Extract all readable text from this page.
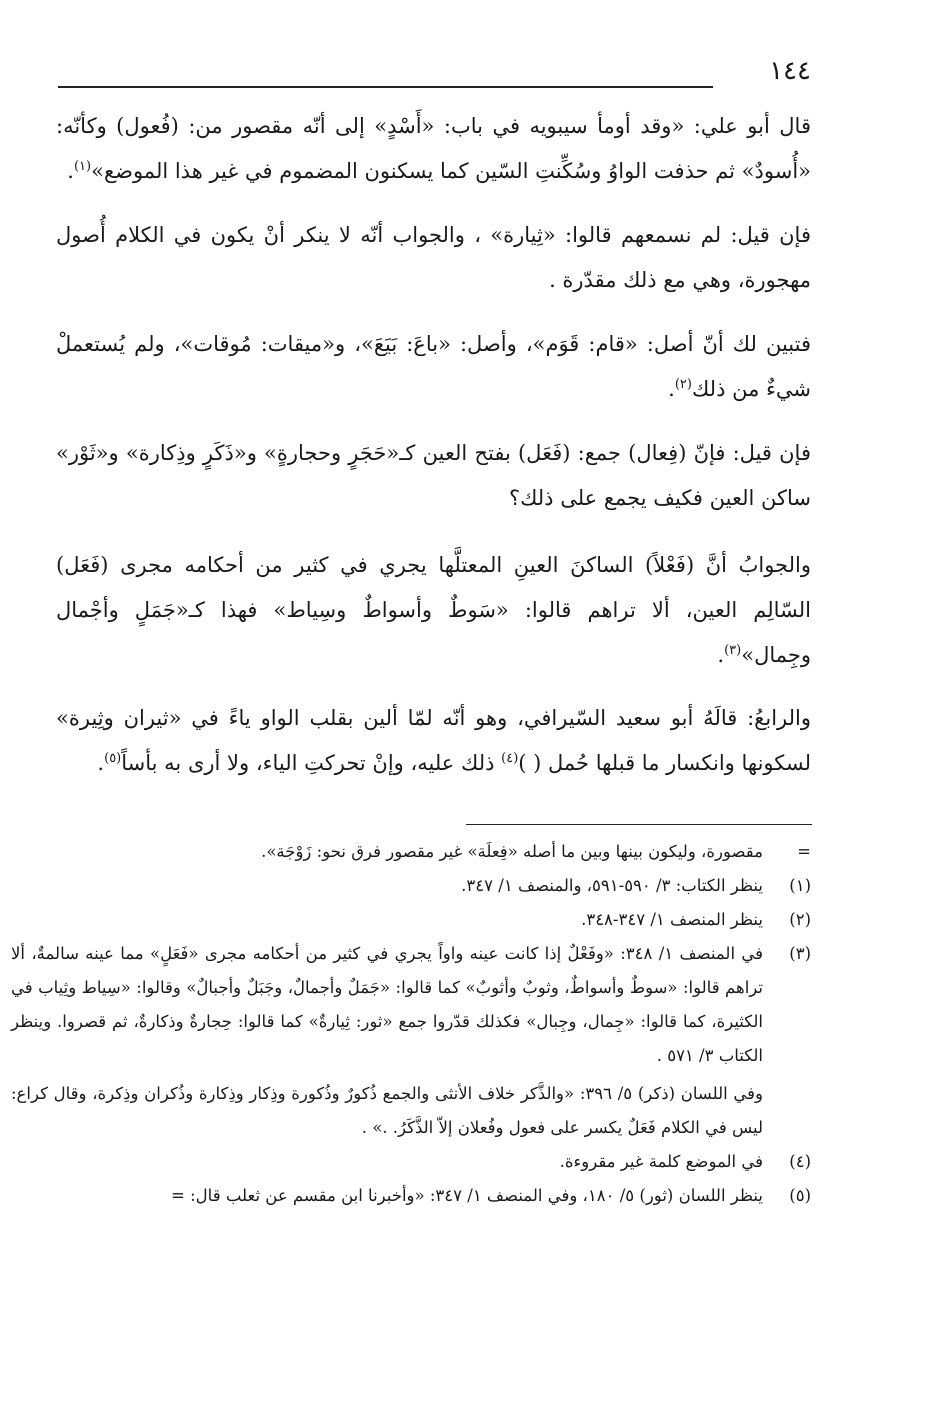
١٤٤

قال أبو علي: «وقد أومأ سيبويه في باب: «أَسْدٍ» إلى أنّه مقصور من: (فُعول) وكأنّه: «أُسودٌ» ثم حذفت الواوُ وسُكِّنتِ السّين كما يسكنون المضموم في غير هذا الموضع»$^{(١)}$.

فإن قيل: لم نسمعهم قالوا: «ثِيارة» ، والجواب أنّه لا ينكر أنْ يكون في الكلام أُصول مهجورة، وهي مع ذلك مقدّرة .

فتبين لك أنّ أصل: «قام: قَوَم»، وأصل: «باعَ: بَيَعَ»، و«ميقات: مُوقات»، ولم يُستعملْ شيءٌ من ذلك$^{(٢)}$.

فإن قيل: فإنّ (فِعال) جمع: (فَعَل) بفتح العين كـ«حَجَرٍ وحجارةٍ» و«ذَكَرٍ وذِكارة» و«ثَوْر» ساكن العين فكيف يجمع على ذلك؟

والجوابُ أنَّ (فَعْلاً) الساكنَ العينِ المعتلَّها يجري في كثير من أحكامه مجرى (فَعَل) السّالِم العين، ألا تراهم قالوا: «سَوطٌ وأسواطٌ وسِياط» فهذا كـ«جَمَلٍ وأجْمال وجِمال»$^{(٣)}$.

والرابعُ: قالَهُ أبو سعيد السّيرافي، وهو أنّه لمّا ألين بقلب الواو ياءً في «ثيران وثِيرة» لسكونها وانكسار ما قبلها حُمل ( )$^{(٤)}$ ذلك عليه، وإنْ تحركتِ الياء، ولا أرى به بأساً$^{(٥)}$.

=
مقصورة، وليكون بينها وبين ما أصله «فِعلَة» غير مقصور فرق نحو: زَوْجَة».
(١)
ينظر الكتاب: ٣/ ٥٩٠-٥٩١، والمنصف ١/ ٣٤٧.
(٢)
ينظر المنصف ١/ ٣٤٧-٣٤٨.
(٣)
في المنصف ١/ ٣٤٨: «وفَعْلٌ إذا كانت عينه واواً يجري في كثير من أحكامه مجرى «فَعَلٍ» مما عينه سالمةٌ، ألا تراهم قالوا: «سوطٌ وأسواطٌ، وثوبٌ وأثوبٌ» كما قالوا: «جَمَلٌ وأجمالٌ، وجَبَلٌ وأجبالٌ» وقالوا: «سِياط وثِياب في الكثيرة، كما قالوا: «جِمال، وجِبال» فكذلك قدّروا جمع «ثور: ثِيارةٌ» كما قالوا: حِجارةٌ وذكارةٌ، ثم قصروا. وينظر الكتاب ٣/ ٥٧١ .
وفي اللسان (ذكر) ٥/ ٣٩٦: «والذَّكر خلاف الأنثى والجمع ذُكورٌ وذُكورة وذِكار وذِكارة وذُكران وذِكرة، وقال كراع: ليس في الكلام فَعَلٌ يكسر على فعول وفُعلان إلاّ الذَّكَرُ. .» .
(٤)
في الموضع كلمة غير مقروءة.
(٥)
ينظر اللسان (ثور) ٥/ ١٨٠، وفي المنصف ١/ ٣٤٧: «وأخبرنا ابن مقسم عن ثعلب قال: =
